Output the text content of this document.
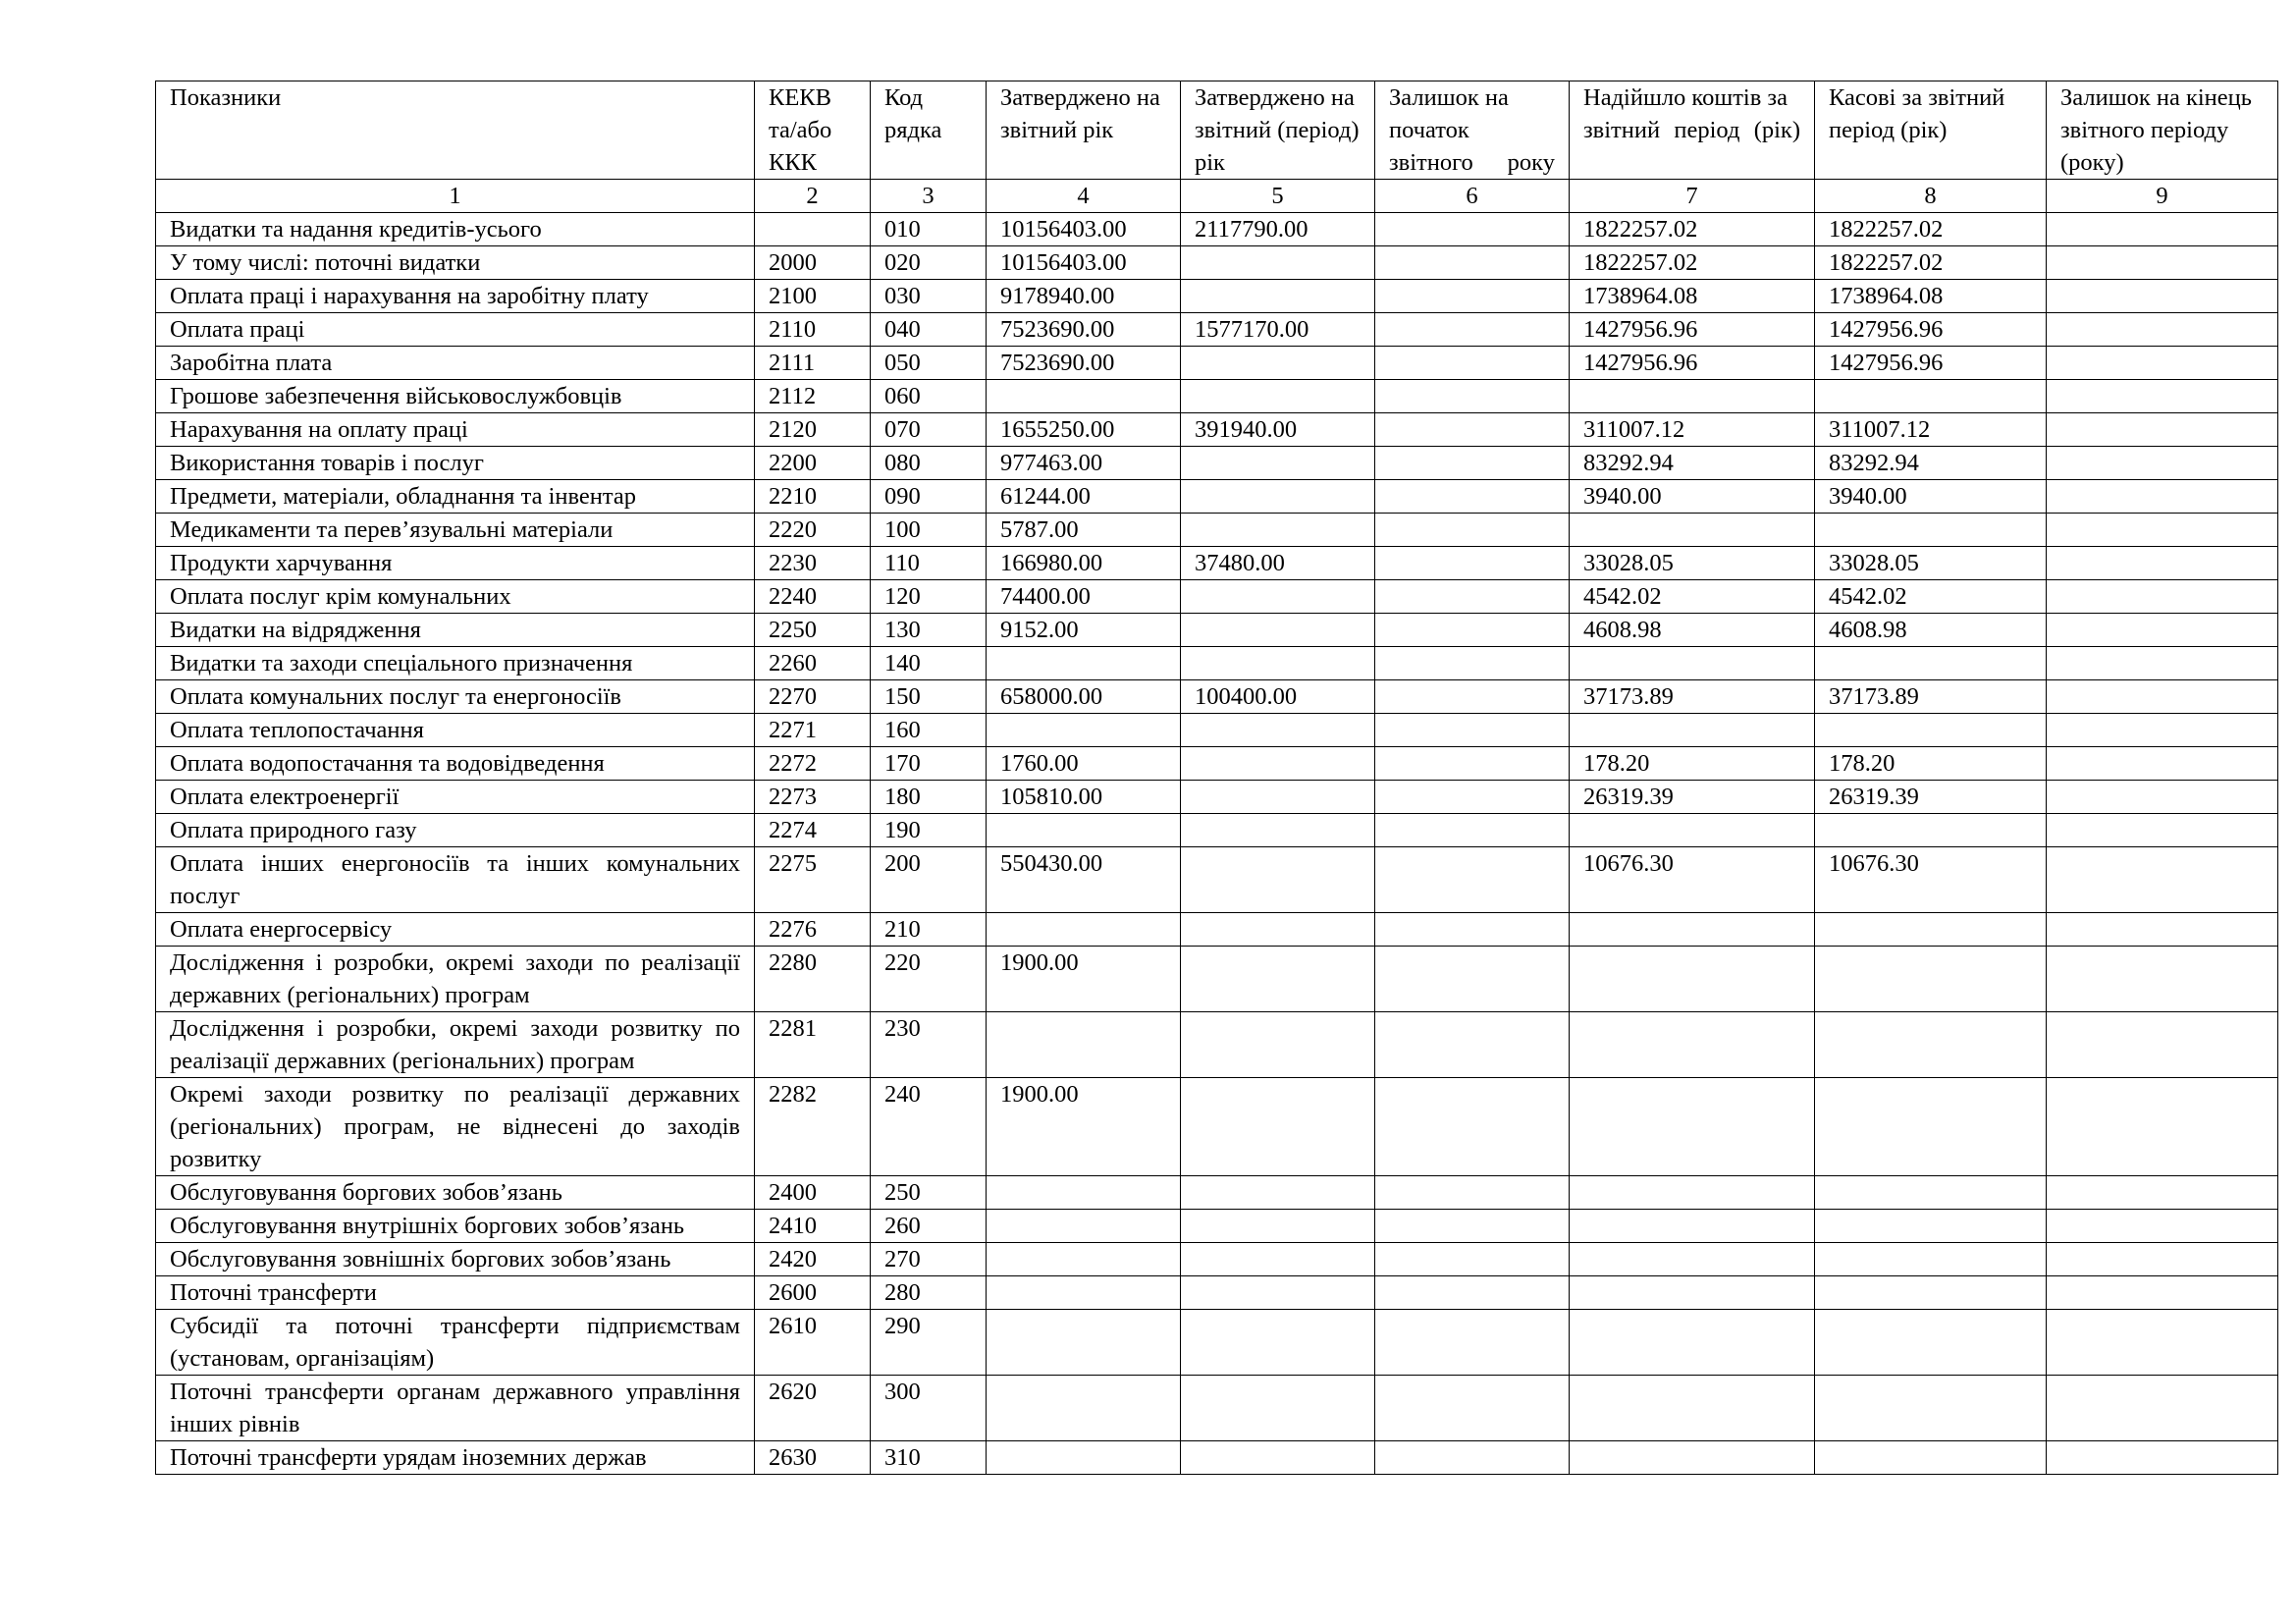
Показники	КЕКВ та/або ККК	Код рядка	Затверджено на звітний рік	Затверджено на звітний (період) рік	Залишок на початок звітного року	Надійшло коштів за звітний період (рік)	Касові за звітний період (рік)	Залишок на кінець звітного періоду (року)
1	2	3	4	5	6	7	8	9
Видатки та надання кредитів-усього		010	10156403.00	2117790.00		1822257.02	1822257.02	
У тому числі: поточні видатки	2000	020	10156403.00			1822257.02	1822257.02	
Оплата праці і нарахування на заробітну плату	2100	030	9178940.00			1738964.08	1738964.08	
Оплата праці	2110	040	7523690.00	1577170.00		1427956.96	1427956.96	
Заробітна плата	2111	050	7523690.00			1427956.96	1427956.96	
Грошове забезпечення військовослужбовців	2112	060						
Нарахування на оплату праці	2120	070	1655250.00	391940.00		311007.12	311007.12	
Використання товарів і послуг	2200	080	977463.00			83292.94	83292.94	
Предмети, матеріали, обладнання та інвентар	2210	090	61244.00			3940.00	3940.00	
Медикаменти та перев’язувальні матеріали	2220	100	5787.00					
Продукти харчування	2230	110	166980.00	37480.00		33028.05	33028.05	
Оплата послуг крім комунальних	2240	120	74400.00			4542.02	4542.02	
Видатки на відрядження	2250	130	9152.00			4608.98	4608.98	
Видатки та заходи спеціального призначення	2260	140						
Оплата комунальних послуг та енергоносіїв	2270	150	658000.00	100400.00		37173.89	37173.89	
Оплата теплопостачання	2271	160						
Оплата водопостачання та водовідведення	2272	170	1760.00			178.20	178.20	
Оплата електроенергії	2273	180	105810.00			26319.39	26319.39	
Оплата природного газу	2274	190						
Оплата інших енергоносіїв та інших комунальних послуг	2275	200	550430.00			10676.30	10676.30	
Оплата енергосервісу	2276	210						
Дослідження і розробки, окремі заходи по реалізації державних (регіональних) програм	2280	220	1900.00					
Дослідження і розробки, окремі заходи розвитку по реалізації державних (регіональних) програм	2281	230						
Окремі заходи розвитку по реалізації державних (регіональних) програм, не віднесені до заходів розвитку	2282	240	1900.00					
Обслуговування боргових зобов’язань	2400	250						
Обслуговування внутрішніх боргових зобов’язань	2410	260						
Обслуговування зовнішніх боргових зобов’язань	2420	270						
Поточні трансферти	2600	280						
Субсидії та поточні трансферти підприємствам (установам, організаціям)	2610	290						
Поточні трансферти органам державного управління інших рівнів	2620	300						
Поточні трансферти урядам іноземних держав	2630	310						
